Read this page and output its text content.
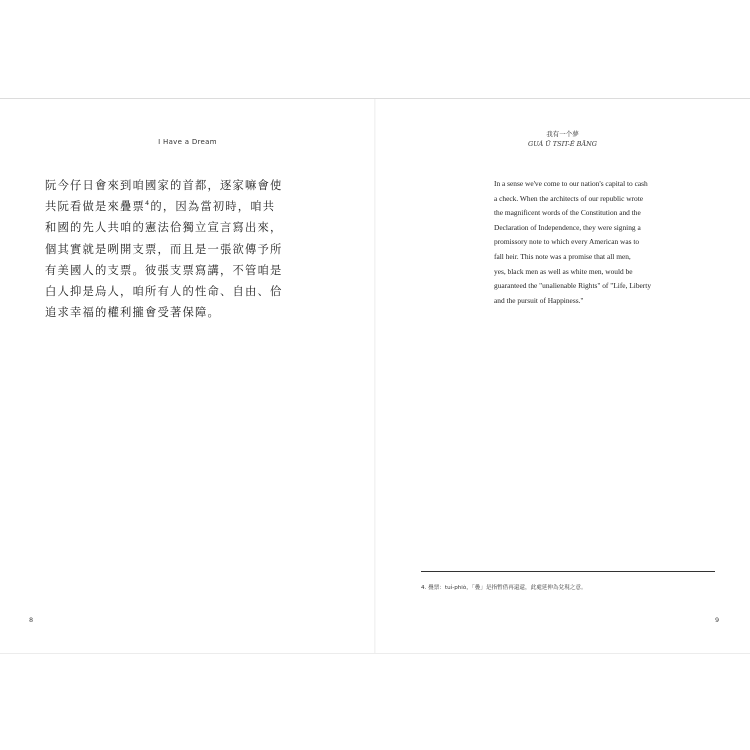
I Have a Dream
阮今仔日會來到咱國家的首都，逐家嘛會使
共阮看做是來疊票$^4$的，因為當初時，咱共
和國的先人共咱的憲法佮獨立宣言寫出來，
個其實就是咧開支票，而且是一張欲傳予所
有美國人的支票。彼張支票寫講，不管咱是
白人抑是烏人，咱所有人的性命、自由、佮
追求幸福的權利攏會受著保障。
8
我有一个夢
GUÁ Ū TSIT-Ê BĀNG
In a sense we've come to our nation's capital to cash
a check. When the architects of our republic wrote
the magnificent words of the Constitution and the
Declaration of Independence, they were signing a
promissory note to which every American was to
fall heir. This note was a promise that all men,
yes, black men as well as white men, would be
guaranteed the "unalienable Rights" of "Life, Liberty
and the pursuit of Happiness."
4. 疊票：tui̍-phiò，「疊」是指暫借再還還，此處延伸為兌現之意。
9
